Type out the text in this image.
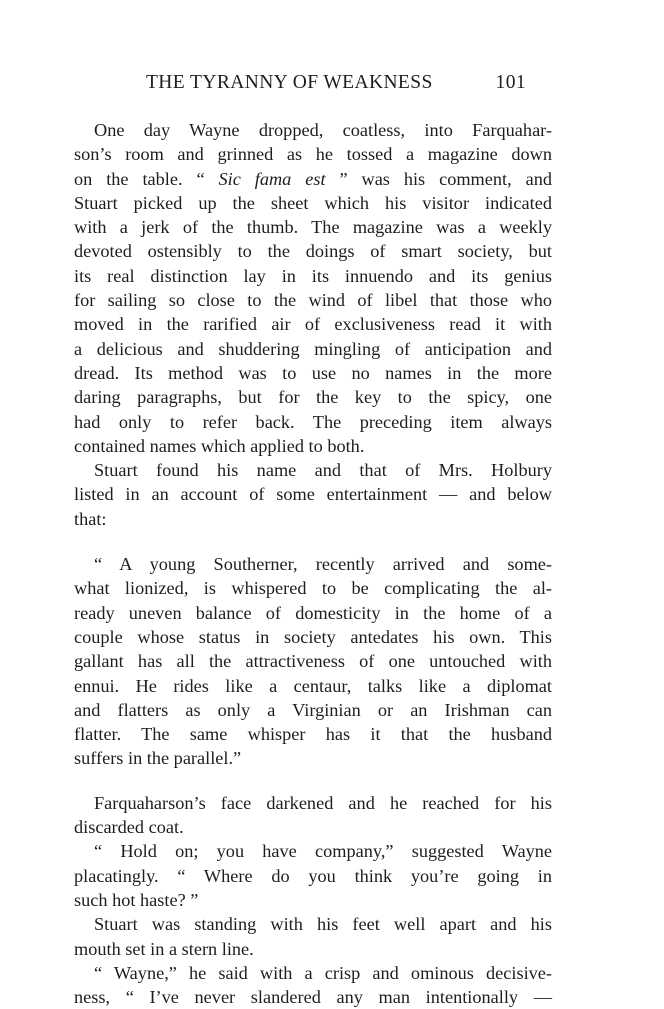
THE TYRANNY OF WEAKNESS	101
One day Wayne dropped, coatless, into Farquahar-
son’s room and grinned as he tossed a magazine down
on the table. “ Sic fama est ” was his comment, and
Stuart picked up the sheet which his visitor indicated
with a jerk of the thumb. The magazine was a weekly
devoted ostensibly to the doings of smart society, but
its real distinction lay in its innuendo and its genius
for sailing so close to the wind of libel that those who
moved in the rarified air of exclusiveness read it with
a delicious and shuddering mingling of anticipation and
dread. Its method was to use no names in the more
daring paragraphs, but for the key to the spicy, one
had only to refer back. The preceding item always
contained names which applied to both.
Stuart found his name and that of Mrs. Holbury
listed in an account of some entertainment — and below
that:
“ A young Southerner, recently arrived and some-
what lionized, is whispered to be complicating the al-
ready uneven balance of domesticity in the home of a
couple whose status in society antedates his own. This
gallant has all the attractiveness of one untouched with
ennui. He rides like a centaur, talks like a diplomat
and flatters as only a Virginian or an Irishman can
flatter. The same whisper has it that the husband
suffers in the parallel.”
Farquaharson’s face darkened and he reached for his
discarded coat.
“ Hold on; you have company,” suggested Wayne
placatingly. “ Where do you think you’re going in
such hot haste? ”
Stuart was standing with his feet well apart and his
mouth set in a stern line.
“ Wayne,” he said with a crisp and ominous decisive-
ness, “ I’ve never slandered any man intentionally —
